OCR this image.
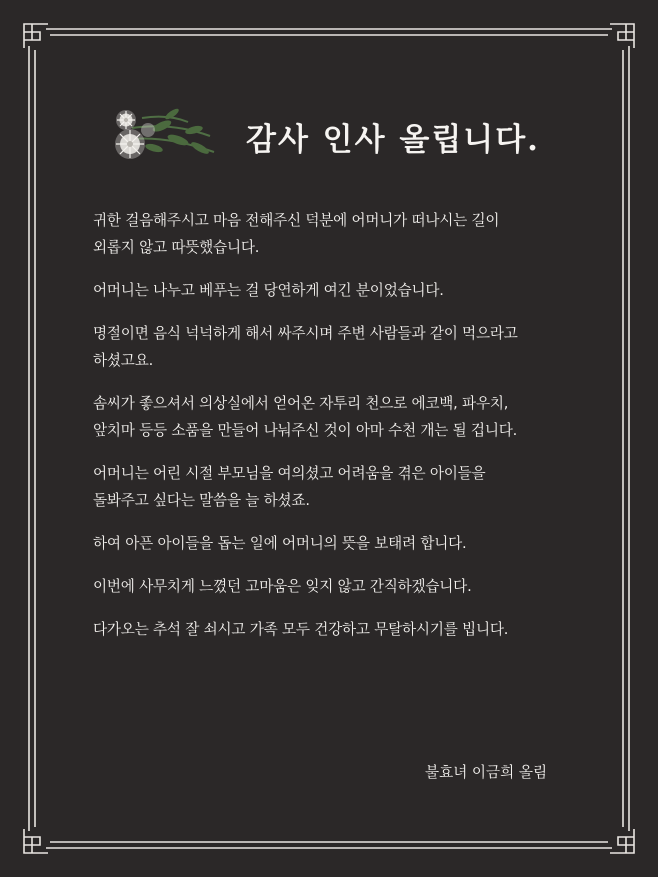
감사 인사 올립니다.

귀한 걸음해주시고 마음 전해주신 덕분에 어머니가 떠나시는 길이
외롭지 않고 따뜻했습니다.

어머니는 나누고 베푸는 걸 당연하게 여긴 분이었습니다.

명절이면 음식 넉넉하게 해서 싸주시며 주변 사람들과 같이 먹으라고
하셨고요.

솜씨가 좋으셔서 의상실에서 얻어온 자투리 천으로 에코백, 파우치,
앞치마 등등 소품을 만들어 나눠주신 것이 아마 수천 개는 될 겁니다.

어머니는 어린 시절 부모님을 여의셨고 어려움을 겪은 아이들을
돌봐주고 싶다는 말씀을 늘 하셨죠.

하여 아픈 아이들을 돕는 일에 어머니의 뜻을 보태려 합니다.

이번에 사무치게 느꼈던 고마움은 잊지 않고 간직하겠습니다.

다가오는 추석 잘 쇠시고 가족 모두 건강하고 무탈하시기를 빕니다.

불효녀 이금희 올림
